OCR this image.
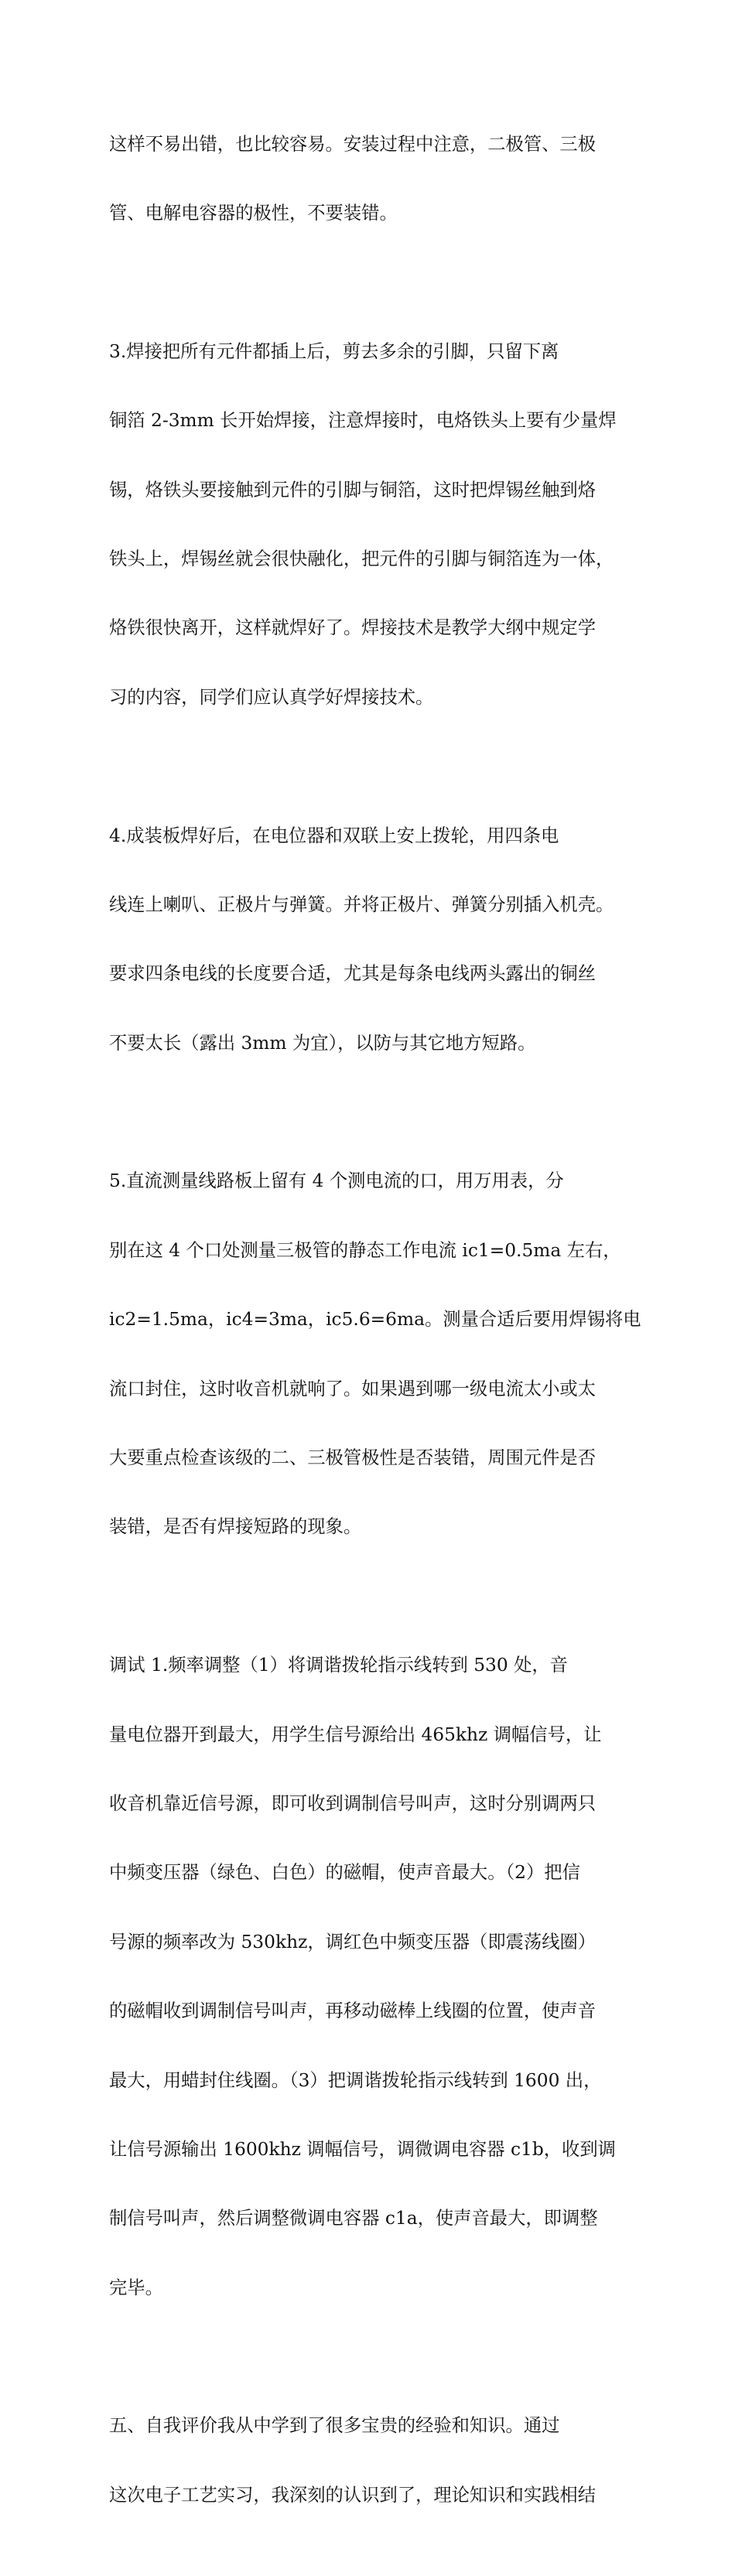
这样不易出错，也比较容易。安装过程中注意，二极管、三极

管、电解电容器的极性，不要装错。

3.焊接把所有元件都插上后，剪去多余的引脚，只留下离

铜箔 2-3mm 长开始焊接，注意焊接时，电烙铁头上要有少量焊

锡，烙铁头要接触到元件的引脚与铜箔，这时把焊锡丝触到烙

铁头上，焊锡丝就会很快融化，把元件的引脚与铜箔连为一体，

烙铁很快离开，这样就焊好了。焊接技术是教学大纲中规定学

习的内容，同学们应认真学好焊接技术。

4.成装板焊好后，在电位器和双联上安上拨轮，用四条电

线连上喇叭、正极片与弹簧。并将正极片、弹簧分别插入机壳。

要求四条电线的长度要合适，尤其是每条电线两头露出的铜丝

不要太长（露出 3mm 为宜），以防与其它地方短路。

5.直流测量线路板上留有 4 个测电流的口，用万用表，分

别在这 4 个口处测量三极管的静态工作电流 ic1=0.5ma 左右，

ic2=1.5ma，ic4=3ma，ic5.6=6ma。测量合适后要用焊锡将电

流口封住，这时收音机就响了。如果遇到哪一级电流太小或太

大要重点检查该级的二、三极管极性是否装错，周围元件是否

装错，是否有焊接短路的现象。

调试 1.频率调整（1）将调谐拨轮指示线转到 530 处，音

量电位器开到最大，用学生信号源给出 465khz 调幅信号，让

收音机靠近信号源，即可收到调制信号叫声，这时分别调两只

中频变压器（绿色、白色）的磁帽，使声音最大。（2）把信

号源的频率改为 530khz，调红色中频变压器（即震荡线圈）

的磁帽收到调制信号叫声，再移动磁棒上线圈的位置，使声音

最大，用蜡封住线圈。（3）把调谐拨轮指示线转到 1600 出，

让信号源输出 1600khz 调幅信号，调微调电容器 c1b，收到调

制信号叫声，然后调整微调电容器 c1a，使声音最大，即调整

完毕。

五、自我评价我从中学到了很多宝贵的经验和知识。通过

这次电子工艺实习，我深刻的认识到了，理论知识和实践相结
